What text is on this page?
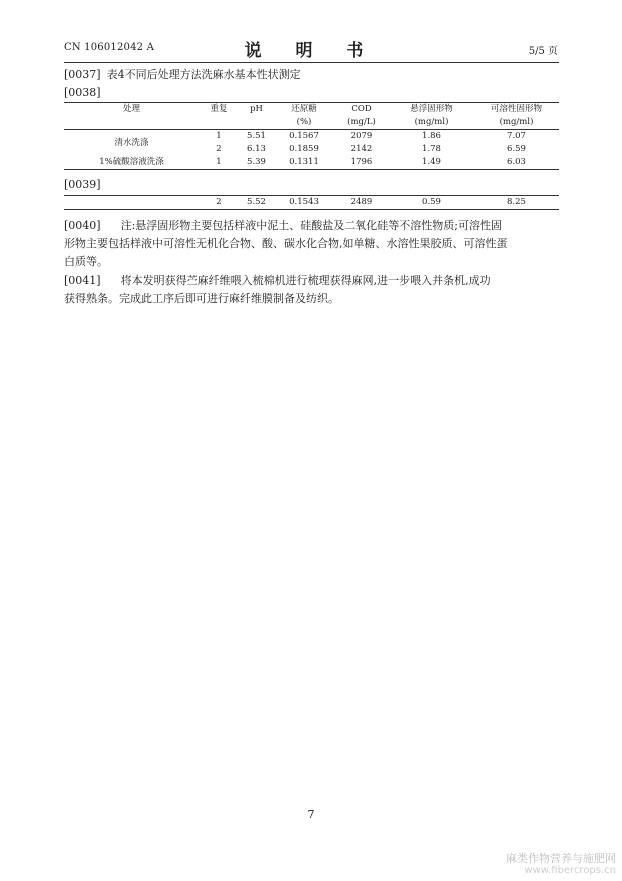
CN 106012042 A	说 明 书	5/5 页
[0037] 表4不同后处理方法洗麻水基本性状测定
[0038]
处理	重复	pH	还原糖	COD	悬浮固形物	可溶性固形物
			(%)	(mg/L)	(mg/ml)	(mg/ml)
清水洗涤	1	5.51	0.1567	2079	1.86	7.07
	2	6.13	0.1859	2142	1.78	6.59
1%硫酸溶液洗涤	1	5.39	0.1311	1796	1.49	6.03
[0039]
	2	5.52	0.1543	2489	0.59	8.25
[0040] 注:悬浮固形物主要包括样液中泥土、硅酸盐及二氧化硅等不溶性物质;可溶性固
形物主要包括样液中可溶性无机化合物、酸、碳水化合物,如单糖、水溶性果胶质、可溶性蛋
白质等。
[0041] 将本发明获得苎麻纤维喂入梳棉机进行梳理获得麻网,进一步喂入并条机,成功
获得熟条。完成此工序后即可进行麻纤维膜制备及纺织。
7
麻类作物营养与施肥网
www.fibercrops.cn
